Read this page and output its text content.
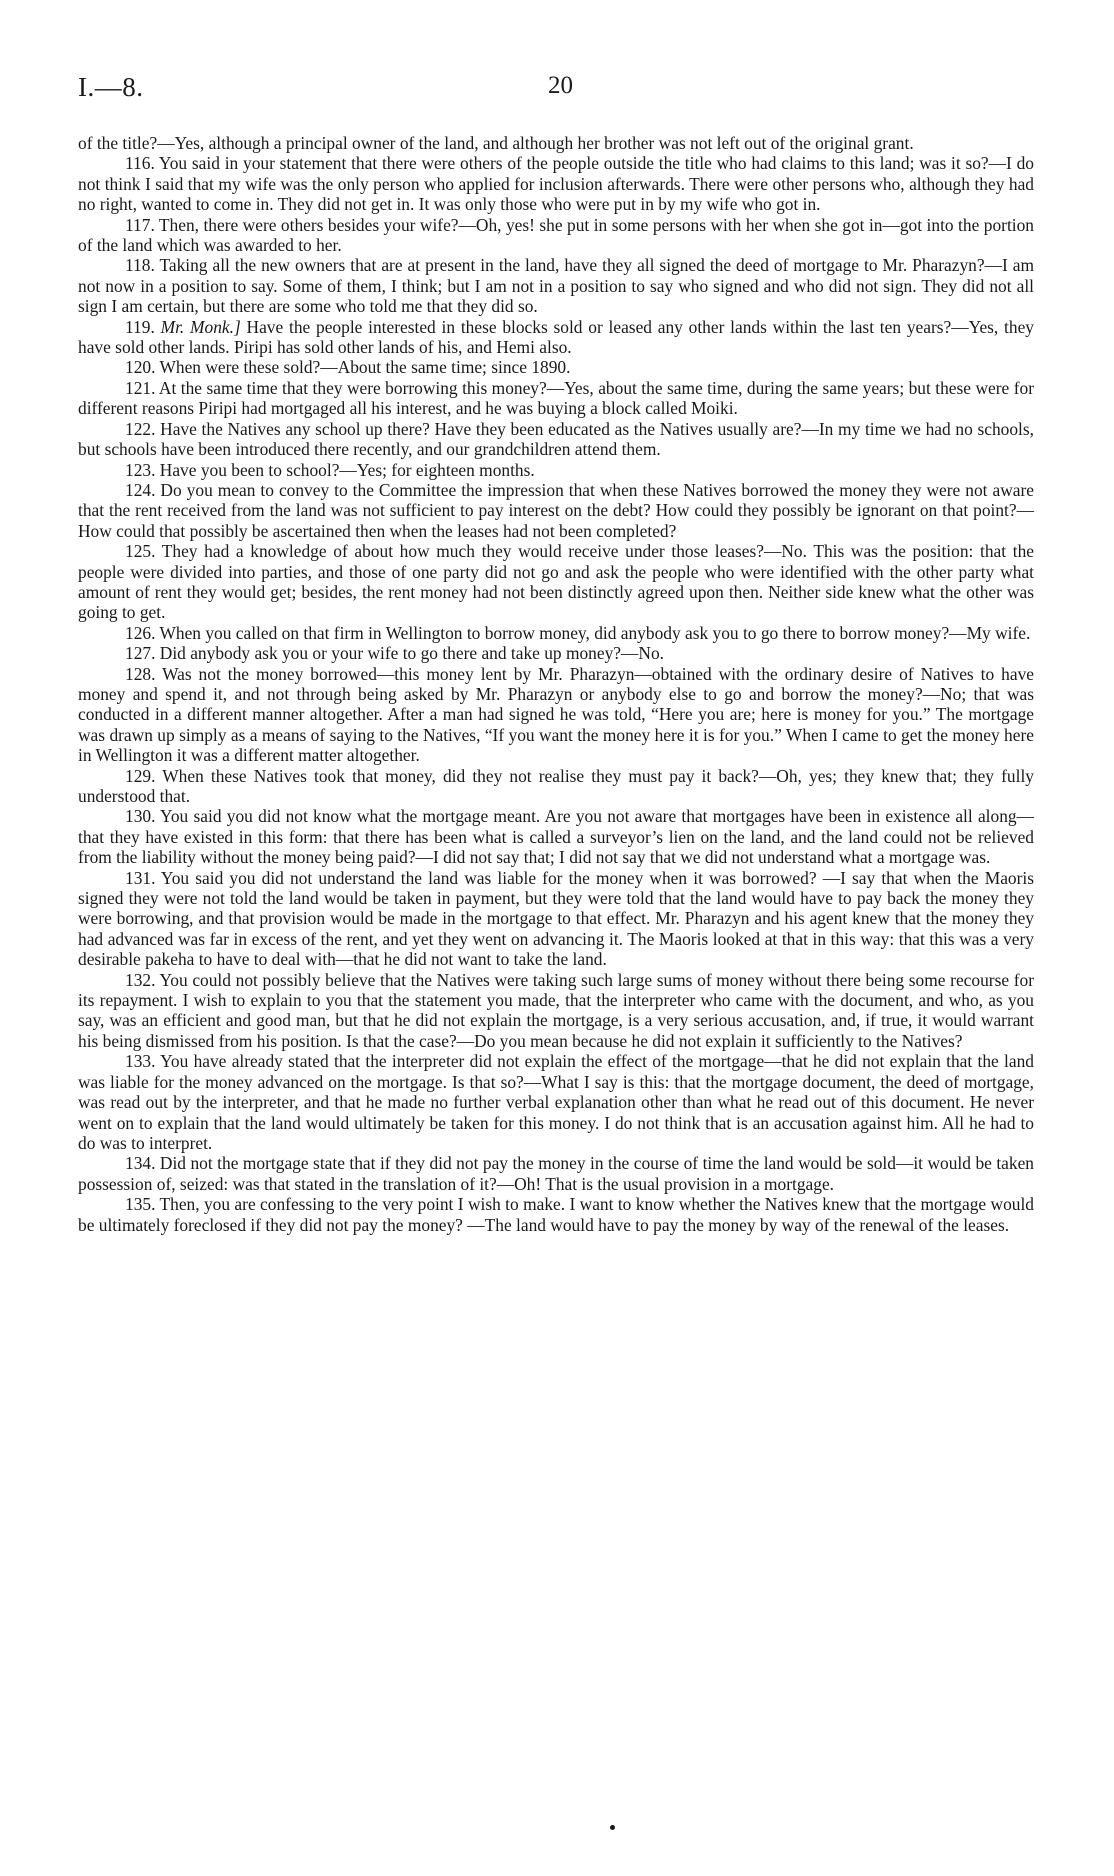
I.—8.	20

of the title?—Yes, although a principal owner of the land, and although her brother was not left out of the original grant.

116. You said in your statement that there were others of the people outside the title who had claims to this land; was it so?—I do not think I said that my wife was the only person who applied for inclusion afterwards. There were other persons who, although they had no right, wanted to come in. They did not get in. It was only those who were put in by my wife who got in.

117. Then, there were others besides your wife?—Oh, yes! she put in some persons with her when she got in—got into the portion of the land which was awarded to her.

118. Taking all the new owners that are at present in the land, have they all signed the deed of mortgage to Mr. Pharazyn?—I am not now in a position to say. Some of them, I think; but I am not in a position to say who signed and who did not sign. They did not all sign I am certain, but there are some who told me that they did so.

119. Mr. Monk.] Have the people interested in these blocks sold or leased any other lands within the last ten years?—Yes, they have sold other lands. Piripi has sold other lands of his, and Hemi also.

120. When were these sold?—About the same time; since 1890.

121. At the same time that they were borrowing this money?—Yes, about the same time, during the same years; but these were for different reasons Piripi had mortgaged all his interest, and he was buying a block called Moiki.

122. Have the Natives any school up there? Have they been educated as the Natives usually are?—In my time we had no schools, but schools have been introduced there recently, and our grandchildren attend them.

123. Have you been to school?—Yes; for eighteen months.

124. Do you mean to convey to the Committee the impression that when these Natives borrowed the money they were not aware that the rent received from the land was not sufficient to pay interest on the debt? How could they possibly be ignorant on that point?—How could that possibly be ascertained then when the leases had not been completed?

125. They had a knowledge of about how much they would receive under those leases?—No. This was the position: that the people were divided into parties, and those of one party did not go and ask the people who were identified with the other party what amount of rent they would get; besides, the rent money had not been distinctly agreed upon then. Neither side knew what the other was going to get.

126. When you called on that firm in Wellington to borrow money, did anybody ask you to go there to borrow money?—My wife.

127. Did anybody ask you or your wife to go there and take up money?—No.

128. Was not the money borrowed—this money lent by Mr. Pharazyn—obtained with the ordinary desire of Natives to have money and spend it, and not through being asked by Mr. Pharazyn or anybody else to go and borrow the money?—No; that was conducted in a different manner altogether. After a man had signed he was told, “Here you are; here is money for you.” The mortgage was drawn up simply as a means of saying to the Natives, “If you want the money here it is for you.” When I came to get the money here in Wellington it was a different matter altogether.

129. When these Natives took that money, did they not realise they must pay it back?—Oh, yes; they knew that; they fully understood that.

130. You said you did not know what the mortgage meant. Are you not aware that mortgages have been in existence all along—that they have existed in this form: that there has been what is called a surveyor’s lien on the land, and the land could not be relieved from the liability without the money being paid?—I did not say that; I did not say that we did not understand what a mortgage was.

131. You said you did not understand the land was liable for the money when it was borrowed? —I say that when the Maoris signed they were not told the land would be taken in payment, but they were told that the land would have to pay back the money they were borrowing, and that provision would be made in the mortgage to that effect. Mr. Pharazyn and his agent knew that the money they had advanced was far in excess of the rent, and yet they went on advancing it. The Maoris looked at that in this way: that this was a very desirable pakeha to have to deal with—that he did not want to take the land.

132. You could not possibly believe that the Natives were taking such large sums of money without there being some recourse for its repayment. I wish to explain to you that the statement you made, that the interpreter who came with the document, and who, as you say, was an efficient and good man, but that he did not explain the mortgage, is a very serious accusation, and, if true, it would warrant his being dismissed from his position. Is that the case?—Do you mean because he did not explain it sufficiently to the Natives?

133. You have already stated that the interpreter did not explain the effect of the mortgage—that he did not explain that the land was liable for the money advanced on the mortgage. Is that so?—What I say is this: that the mortgage document, the deed of mortgage, was read out by the interpreter, and that he made no further verbal explanation other than what he read out of this document. He never went on to explain that the land would ultimately be taken for this money. I do not think that is an accusation against him. All he had to do was to interpret.

134. Did not the mortgage state that if they did not pay the money in the course of time the land would be sold—it would be taken possession of, seized: was that stated in the translation of it?—Oh! That is the usual provision in a mortgage.

135. Then, you are confessing to the very point I wish to make. I want to know whether the Natives knew that the mortgage would be ultimately foreclosed if they did not pay the money? —The land would have to pay the money by way of the renewal of the leases.
